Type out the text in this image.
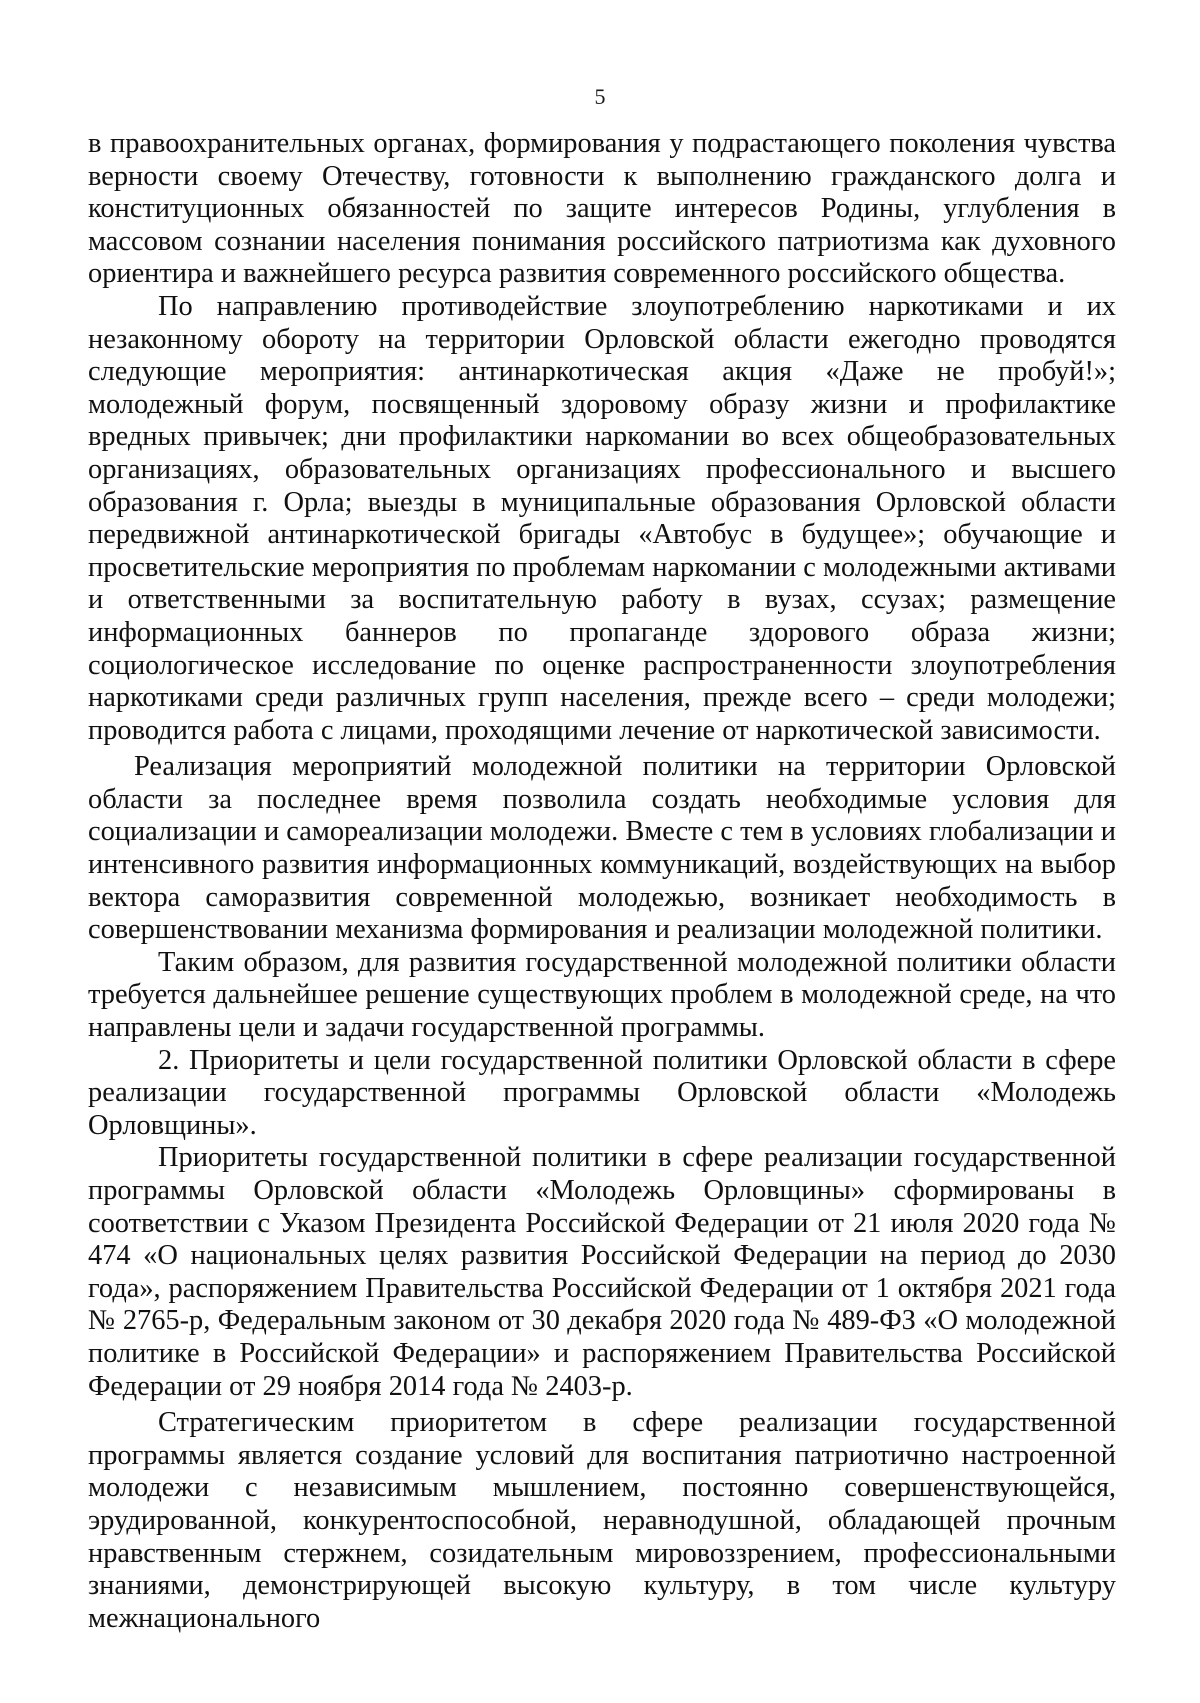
5

в правоохранительных органах, формирования у подрастающего поколения чувства верности своему Отечеству, готовности к выполнению гражданского долга и конституционных обязанностей по защите интересов Родины, углубления в массовом сознании населения понимания российского патриотизма как духовного ориентира и важнейшего ресурса развития современного российского общества.

По направлению противодействие злоупотреблению наркотиками и их незаконному обороту на территории Орловской области ежегодно проводятся следующие мероприятия: антинаркотическая акция «Даже не пробуй!»; молодежный форум, посвященный здоровому образу жизни и профилактике вредных привычек; дни профилактики наркомании во всех общеобразовательных организациях, образовательных организациях профессионального и высшего образования г. Орла; выезды в муниципальные образования Орловской области передвижной антинаркотической бригады «Автобус в будущее»; обучающие и просветительские мероприятия по проблемам наркомании с молодежными активами и ответственными за воспитательную работу в вузах, ссузах; размещение информационных баннеров по пропаганде здорового образа жизни; социологическое исследование по оценке распространенности злоупотребления наркотиками среди различных групп населения, прежде всего – среди молодежи; проводится работа с лицами, проходящими лечение от наркотической зависимости.

Реализация мероприятий молодежной политики на территории Орловской области за последнее время позволила создать необходимые условия для социализации и самореализации молодежи. Вместе с тем в условиях глобализации и интенсивного развития информационных коммуникаций, воздействующих на выбор вектора саморазвития современной молодежью, возникает необходимость в совершенствовании механизма формирования и реализации молодежной политики.

Таким образом, для развития государственной молодежной политики области требуется дальнейшее решение существующих проблем в молодежной среде, на что направлены цели и задачи государственной программы.

2. Приоритеты и цели государственной политики Орловской области в сфере реализации государственной программы Орловской области «Молодежь Орловщины».

Приоритеты государственной политики в сфере реализации государственной программы Орловской области «Молодежь Орловщины» сформированы в соответствии с Указом Президента Российской Федерации от 21 июля 2020 года № 474 «О национальных целях развития Российской Федерации на период до 2030 года», распоряжением Правительства Российской Федерации от 1 октября 2021 года № 2765-р, Федеральным законом от 30 декабря 2020 года № 489-ФЗ «О молодежной политике в Российской Федерации» и распоряжением Правительства Российской Федерации от 29 ноября 2014 года № 2403-р.

Стратегическим приоритетом в сфере реализации государственной программы является создание условий для воспитания патриотично настроенной молодежи с независимым мышлением, постоянно совершенствующейся, эрудированной, конкурентоспособной, неравнодушной, обладающей прочным нравственным стержнем, созидательным мировоззрением, профессиональными знаниями, демонстрирующей высокую культуру, в том числе культуру межнационального
